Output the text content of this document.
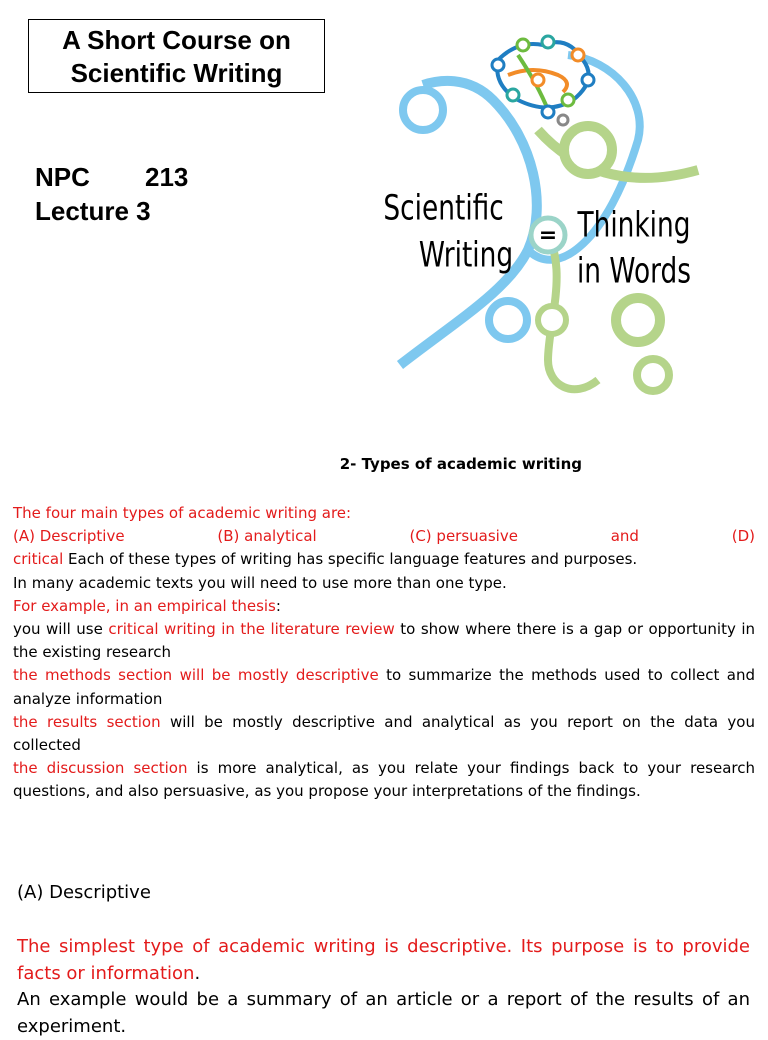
A Short Course on
Scientific Writing
NPC 213
Lecture 3
=
Scientific
Writing
Thinking
in Words
2- Types of academic writing

The four main types of academic writing are:

(A) Descriptive	(B) analytical	(C) persuasive	and	(D)

critical Each of these types of writing has specific language features and purposes.

In many academic texts you will need to use more than one type.

For example, in an empirical thesis:

you will use critical writing in the literature review to show where there is a gap or opportunity in the existing research

the methods section will be mostly descriptive to summarize the methods used to collect and analyze information

the results section will be mostly descriptive and analytical as you report on the data you collected

the discussion section is more analytical, as you relate your findings back to your research questions, and also persuasive, as you propose your interpretations of the findings.

(A) Descriptive
The simplest type of academic writing is descriptive. Its purpose is to provide facts or information.
An example would be a summary of an article or a report of the results of an experiment.
